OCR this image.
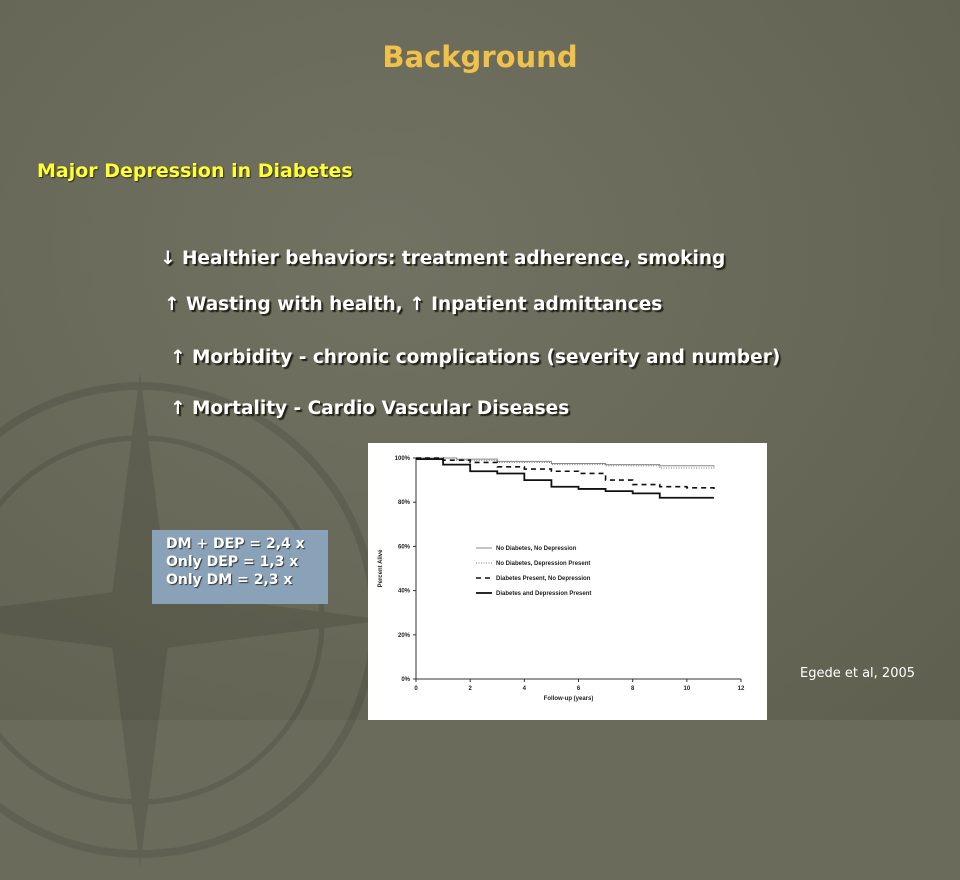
Background
Major Depression in Diabetes
↓ Healthier behaviors: treatment adherence, smoking
↑ Wasting with health, ↑ Inpatient admittances
↑ Morbidity - chronic complications (severity and number)
↑ Mortality - Cardio Vascular Diseases
DM + DEP = 2,4 x
Only DEP = 1,3 x
Only DM = 2,3 x
0%
20%
40%
60%
80%
100%
0	2	4	6	8	10	12
No Diabetes, No Depression
No Diabetes, Depression Present
Diabetes Present, No Depression
Diabetes and Depression Present
Percent Alive
Follow-up (years)
Egede et al, 2005
